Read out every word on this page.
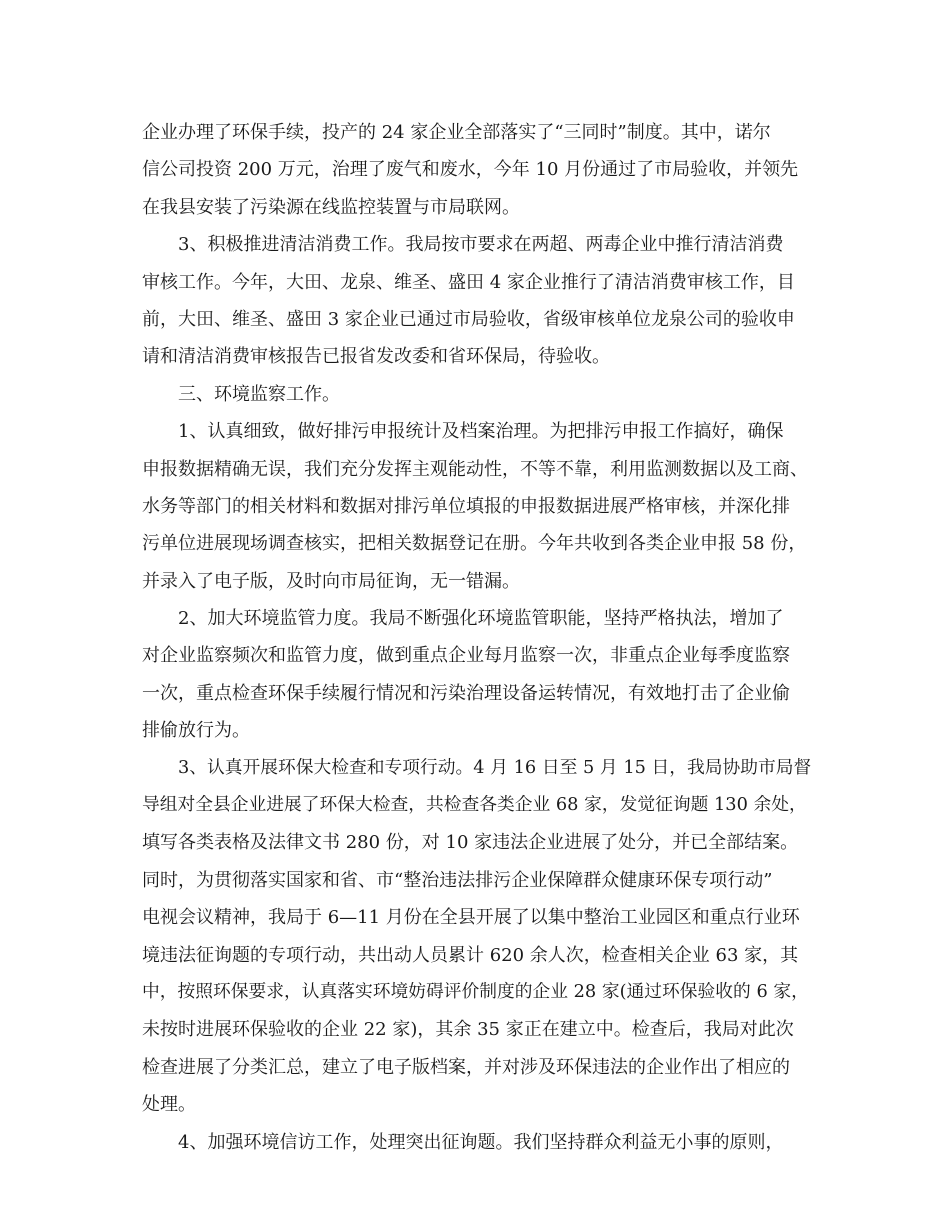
企业办理了环保手续，投产的 24 家企业全部落实了“三同时”制度。其中，诺尔
信公司投资 200 万元，治理了废气和废水，今年 10 月份通过了市局验收，并领先
在我县安装了污染源在线监控装置与市局联网。
3、积极推进清洁消费工作。我局按市要求在两超、两毒企业中推行清洁消费
审核工作。今年，大田、龙泉、维圣、盛田 4 家企业推行了清洁消费审核工作，目
前，大田、维圣、盛田 3 家企业已通过市局验收，省级审核单位龙泉公司的验收申
请和清洁消费审核报告已报省发改委和省环保局，待验收。
三、环境监察工作。
1、认真细致，做好排污申报统计及档案治理。为把排污申报工作搞好，确保
申报数据精确无误，我们充分发挥主观能动性，不等不靠，利用监测数据以及工商、
水务等部门的相关材料和数据对排污单位填报的申报数据进展严格审核，并深化排
污单位进展现场调查核实，把相关数据登记在册。今年共收到各类企业申报 58 份，
并录入了电子版，及时向市局征询，无一错漏。
2、加大环境监管力度。我局不断强化环境监管职能，坚持严格执法，增加了
对企业监察频次和监管力度，做到重点企业每月监察一次，非重点企业每季度监察
一次，重点检查环保手续履行情况和污染治理设备运转情况，有效地打击了企业偷
排偷放行为。
3、认真开展环保大检查和专项行动。4 月 16 日至 5 月 15 日，我局协助市局督
导组对全县企业进展了环保大检查，共检查各类企业 68 家，发觉征询题 130 余处，
填写各类表格及法律文书 280 份，对 10 家违法企业进展了处分，并已全部结案。
同时，为贯彻落实国家和省、市“整治违法排污企业保障群众健康环保专项行动”
电视会议精神，我局于 6—11 月份在全县开展了以集中整治工业园区和重点行业环
境违法征询题的专项行动，共出动人员累计 620 余人次，检查相关企业 63 家，其
中，按照环保要求，认真落实环境妨碍评价制度的企业 28 家(通过环保验收的 6 家，
未按时进展环保验收的企业 22 家)，其余 35 家正在建立中。检查后，我局对此次
检查进展了分类汇总，建立了电子版档案，并对涉及环保违法的企业作出了相应的
处理。
4、加强环境信访工作，处理突出征询题。我们坚持群众利益无小事的原则，
